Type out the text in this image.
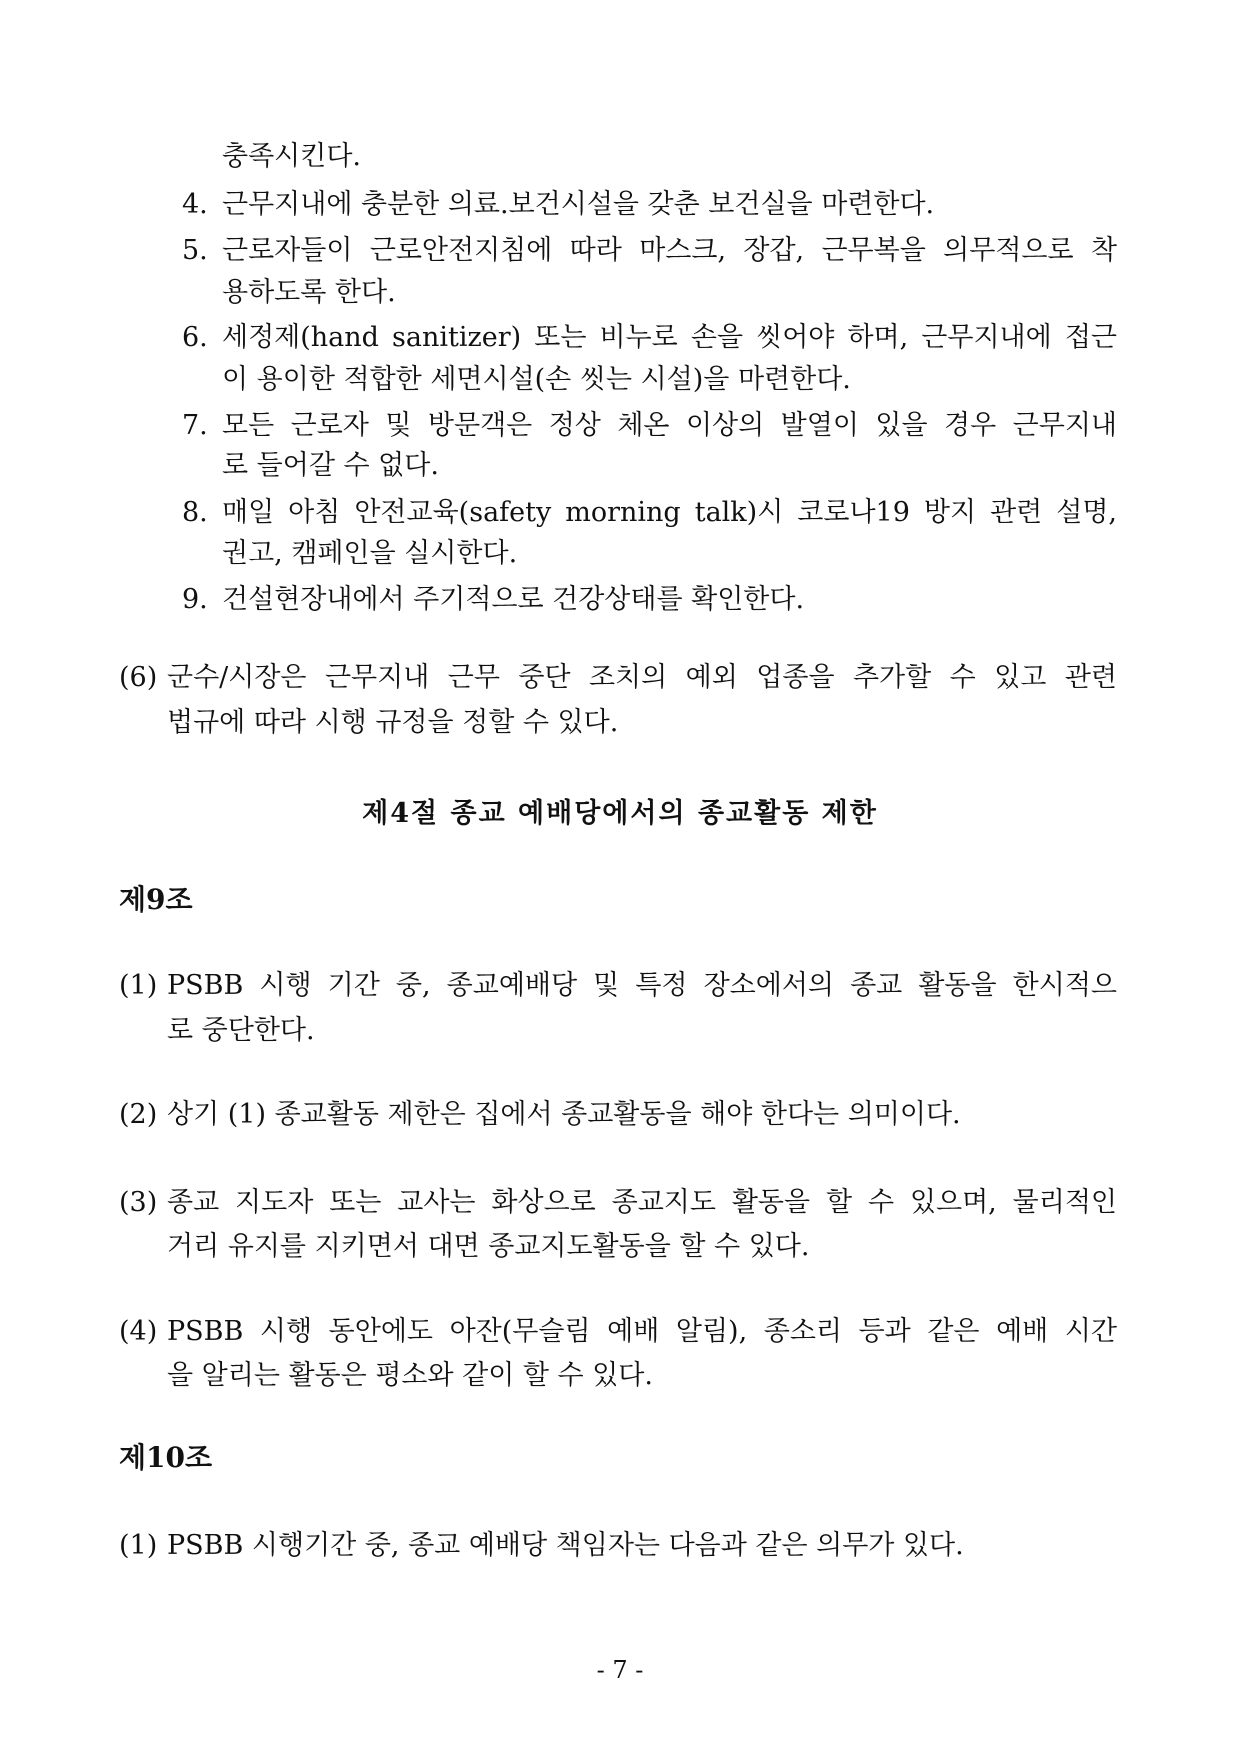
충족시킨다.
4. 근무지내에 충분한 의료.보건시설을 갖춘 보건실을 마련한다.
5. 근로자들이 근로안전지침에 따라 마스크, 장갑, 근무복을 의무적으로 착
용하도록 한다.
6. 세정제(hand sanitizer) 또는 비누로 손을 씻어야 하며, 근무지내에 접근
이 용이한 적합한 세면시설(손 씻는 시설)을 마련한다.
7. 모든 근로자 및 방문객은 정상 체온 이상의 발열이 있을 경우 근무지내
로 들어갈 수 없다.
8. 매일 아침 안전교육(safety morning talk)시 코로나19 방지 관련 설명,
권고, 캠페인을 실시한다.
9. 건설현장내에서 주기적으로 건강상태를 확인한다.
(6) 군수/시장은 근무지내 근무 중단 조치의 예외 업종을 추가할 수 있고 관련
법규에 따라 시행 규정을 정할 수 있다.
제4절 종교 예배당에서의 종교활동 제한
제9조
(1) PSBB 시행 기간 중, 종교예배당 및 특정 장소에서의 종교 활동을 한시적으
로 중단한다.
(2) 상기 (1) 종교활동 제한은 집에서 종교활동을 해야 한다는 의미이다.
(3) 종교 지도자 또는 교사는 화상으로 종교지도 활동을 할 수 있으며, 물리적인
거리 유지를 지키면서 대면 종교지도활동을 할 수 있다.
(4) PSBB 시행 동안에도 아잔(무슬림 예배 알림), 종소리 등과 같은 예배 시간
을 알리는 활동은 평소와 같이 할 수 있다.
제10조
(1) PSBB 시행기간 중, 종교 예배당 책임자는 다음과 같은 의무가 있다.
- 7 -
